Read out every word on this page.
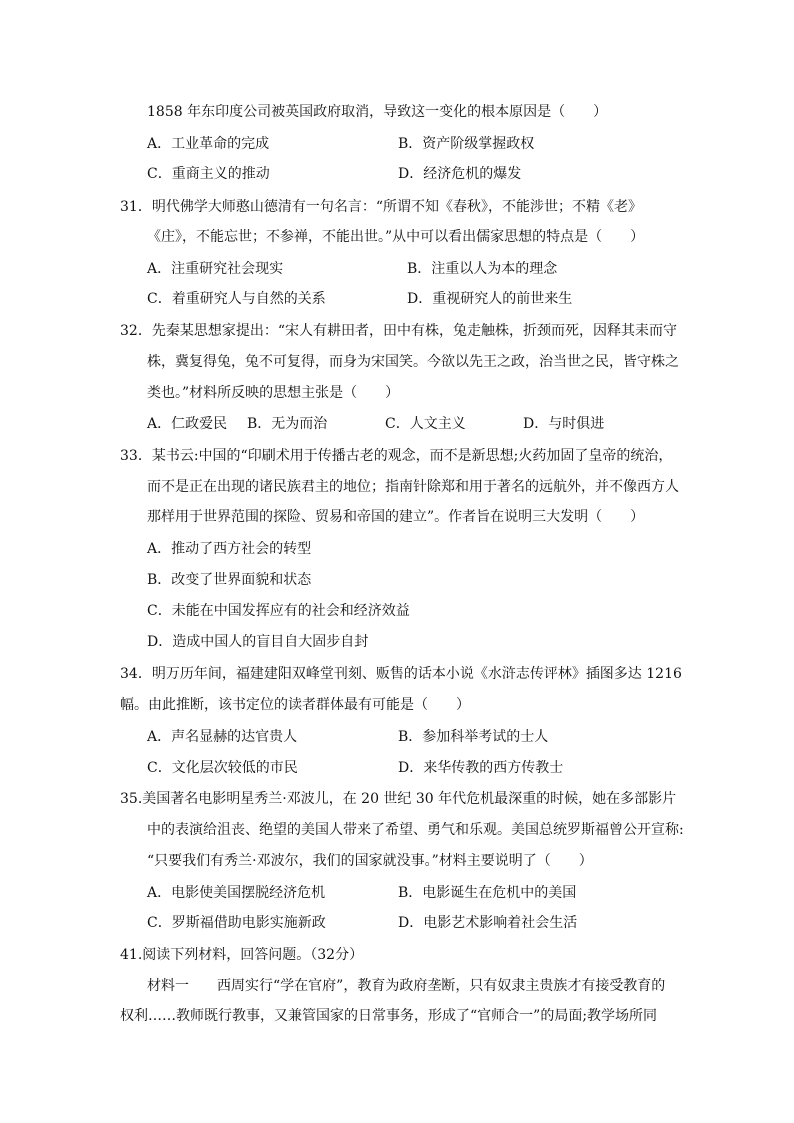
1858 年东印度公司被英国政府取消，导致这一变化的根本原因是（　　）
A．工业革命的完成	B．资产阶级掌握政权
C．重商主义的推动	D．经济危机的爆发
31．明代佛学大师憨山德清有一句名言：“所谓不知《春秋》，不能涉世；不精《老》
《庄》，不能忘世；不参禅，不能出世。”从中可以看出儒家思想的特点是（　　）
A．注重研究社会现实	B．注重以人为本的理念
C．着重研究人与自然的关系	D．重视研究人的前世来生
32．先秦某思想家提出：“宋人有耕田者，田中有株，兔走触株，折颈而死，因释其耒而守
株，冀复得兔，兔不可复得，而身为宋国笑。今欲以先王之政，治当世之民，皆守株之
类也。”材料所反映的思想主张是（　　）
A．仁政爱民 B．无为而治	C．人文主义	D．与时俱进
33．某书云:中国的“印刷术用于传播古老的观念，而不是新思想;火药加固了皇帝的统治，
而不是正在出现的诸民族君主的地位；指南针除郑和用于著名的远航外，并不像西方人
那样用于世界范围的探险、贸易和帝国的建立”。作者旨在说明三大发明（　　）
A．推动了西方社会的转型
B．改变了世界面貌和状态
C．未能在中国发挥应有的社会和经济效益
D．造成中国人的盲目自大固步自封
34．明万历年间，福建建阳双峰堂刊刻、贩售的话本小说《水浒志传评林》插图多达 1216
幅。由此推断，该书定位的读者群体最有可能是（　　）
A．声名显赫的达官贵人	B．参加科举考试的士人
C．文化层次较低的市民	D．来华传教的西方传教士
35.美国著名电影明星秀兰·邓波儿，在 20 世纪 30 年代危机最深重的时候，她在多部影片
中的表演给沮丧、绝望的美国人带来了希望、勇气和乐观。美国总统罗斯福曾公开宣称:
“只要我们有秀兰·邓波尔，我们的国家就没事。”材料主要说明了（　　）
A．电影使美国摆脱经济危机	B．电影诞生在危机中的美国
C．罗斯福借助电影实施新政	D．电影艺术影响着社会生活
41.阅读下列材料，回答问题。（32分）
材料一　　西周实行“学在官府”，教育为政府垄断，只有奴隶主贵族才有接受教育的
权利……教师既行教事，又兼管国家的日常事务，形成了“官师合一”的局面;教学场所同
